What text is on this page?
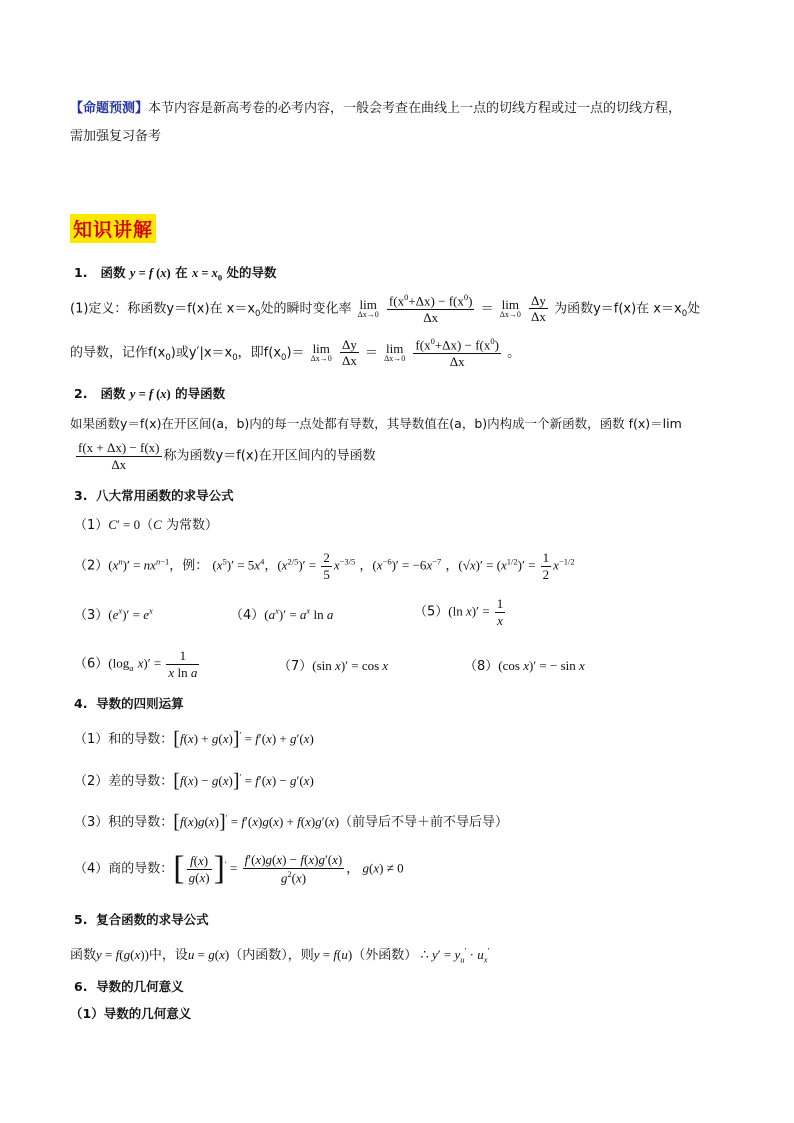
【命题预测】本节内容是新高考卷的必考内容，一般会考查在曲线上一点的切线方程或过一点的切线方程，
需加强复习备考
知识讲解
1. 函数 y = f (x) 在 $x = x_0$ 处的导数
(1)定义：称函数y＝f(x)在 $x=x_0$处的瞬时变化率 lim
Δx→0
$\frac{f(x^0+\Delta x) - f(x^0)}{\Delta x} = \lim$
Δx→0
$\frac{\Delta y}{\Delta x}$ 为函数y＝f(x)在 $x=x_0$处
的导数，记作$f(x_0)$或$y'|x=x_0$，即$f(x_0)= \lim$
Δx→0
$\frac{\Delta y}{\Delta x} = \lim$
Δx→0
$\frac{f(x^0+\Delta x) - f(x^0)}{\Delta x}$ 。
2. 函数 y = f (x) 的导函数
如果函数y＝f(x)在开区间(a，b)内的每一点处都有导数，其导数值在(a，b)内构成一个新函数，函数 f(x)＝lim
$\frac{f(x + \Delta x) - f(x)}{\Delta x}$ 称为函数y＝f(x)在开区间内的导函数
3. 八大常用函数的求导公式
（1）C′ = 0（C 为常数）
$(2)(x^n)' = nx^{n-1}$，例： $(x^5)' = 5x^4$，$(x^{2/5})' = \frac{2}{5} x^{-3/5}$ ，$(x^{-6})' = -6x^{-7}$ ，$(√x)' = (x^{1/2})' = \frac{1}{2} x^{-1/2}$
$(3)(e^x)' = e^x$	$(4)(a^x)' = a^x$ ln a	（5）(ln $x)' = \frac{1}{x}$
$(6)(\log_a$ $x)' = \frac{1}{\text{x ln a}}$	（7）(sin x)′ = cos x	（8）(cos x)′ = − sin x
4. 导数的四则运算
（1）和的导数：[f(x) + g(x)]′ = f′(x) + g′(x)
（2）差的导数：[f(x) − g(x)]′ = f′(x) − g′(x)
（3）积的导数：[f(x)g(x)]′ = f′(x)g(x) + f(x)g′(x)（前导后不导＋前不导后导）
（4）商的导数：[ $\frac{f(x)}{g(x)} ]' = \frac{f'(x)g(x) - f(x)g'(x)}{g^2(x)}$ ， g(x) ≠ 0
5. 复合函数的求导公式
函数y = f(g(x))中，设u = g(x)（内函数），则y = f(u)（外函数） ∴ $y' = y_u' \cdot u_x'$
6. 导数的几何意义
（1）导数的几何意义
